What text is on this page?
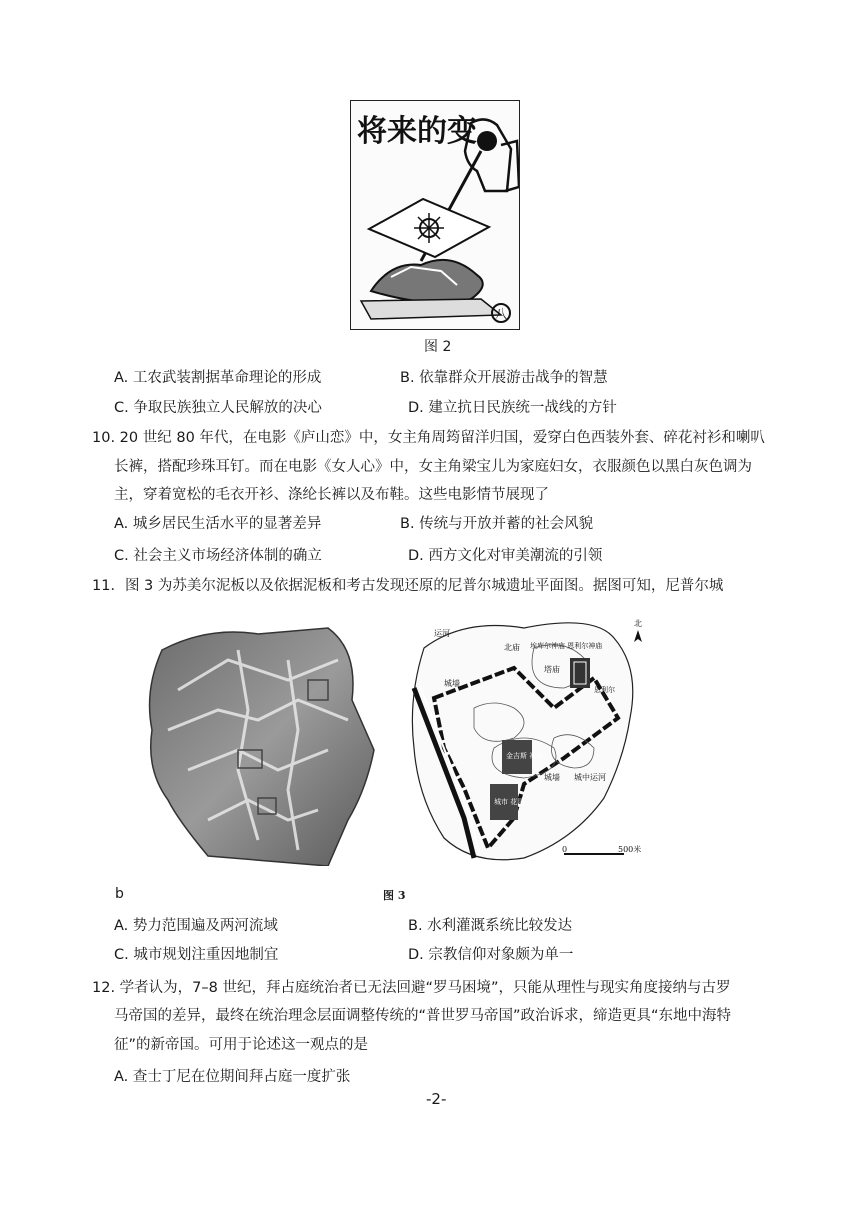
将来的变
八
图 2
A. 工农武装割据革命理论的形成	B. 依靠群众开展游击战争的智慧
C. 争取民族独立人民解放的决心	D. 建立抗日民族统一战线的方针
10. 20 世纪 80 年代，在电影《庐山恋》中，女主角周筠留洋归国，爱穿白色西装外套、碎花衬衫和喇叭
长裤，搭配珍珠耳钉。而在电影《女人心》中，女主角梁宝儿为家庭妇女，衣服颜色以黑白灰色调为
主，穿着宽松的毛衣开衫、涤纶长裤以及布鞋。这些电影情节展现了
A. 城乡居民生活水平的显著差异	B. 传统与开放并蓄的社会风貌
C. 社会主义市场经济体制的确立	D. 西方文化对审美潮流的引领
11．图 3 为苏美尔泥板以及依据泥板和考古发现还原的尼普尔城遗址平面图。据图可知，尼普尔城
北
运河
北庙 埃库尔神庙 恩利尔神庙
塔庙
恩利尔
城墙
城墙
金吉斯 神庙
城市 花园
城中运河
0	500米
b	图 3
A. 势力范围遍及两河流域	B. 水利灌溉系统比较发达
C. 城市规划注重因地制宜	D. 宗教信仰对象颇为单一
12. 学者认为，7–8 世纪，拜占庭统治者已无法回避“罗马困境”，只能从理性与现实角度接纳与古罗
马帝国的差异，最终在统治理念层面调整传统的“普世罗马帝国”政治诉求，缔造更具“东地中海特
征”的新帝国。可用于论述这一观点的是
A. 查士丁尼在位期间拜占庭一度扩张
-2-
